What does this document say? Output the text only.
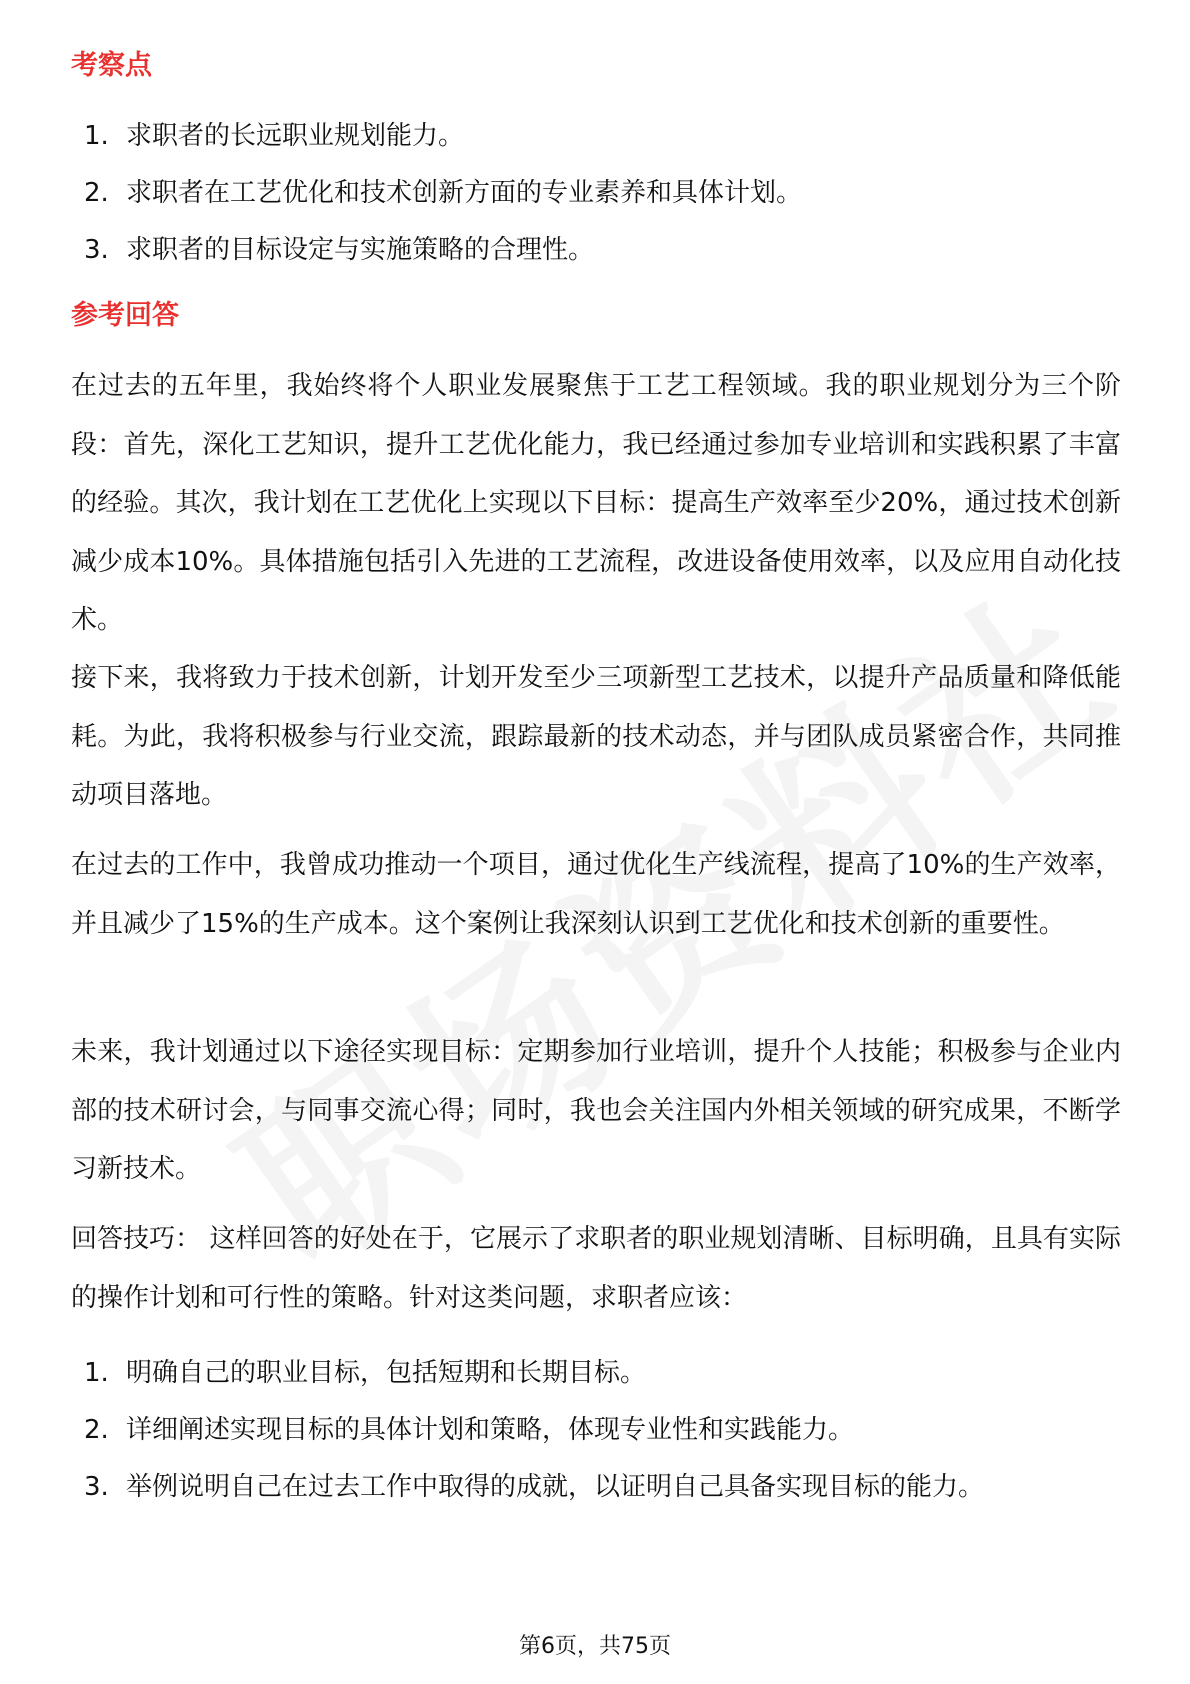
考察点
1. 求职者的长远职业规划能力。
2. 求职者在工艺优化和技术创新方面的专业素养和具体计划。
3. 求职者的目标设定与实施策略的合理性。
参考回答

在过去的五年里，我始终将个人职业发展聚焦于工艺工程领域。我的职业规划分为三个阶段：首先，深化工艺知识，提升工艺优化能力，我已经通过参加专业培训和实践积累了丰富的经验。其次，我计划在工艺优化上实现以下目标：提高生产效率至少20%，通过技术创新减少成本10%。具体措施包括引入先进的工艺流程，改进设备使用效率，以及应用自动化技术。

接下来，我将致力于技术创新，计划开发至少三项新型工艺技术，以提升产品质量和降低能耗。为此，我将积极参与行业交流，跟踪最新的技术动态，并与团队成员紧密合作，共同推动项目落地。

在过去的工作中，我曾成功推动一个项目，通过优化生产线流程，提高了10%的生产效率，并且减少了15%的生产成本。这个案例让我深刻认识到工艺优化和技术创新的重要性。

未来，我计划通过以下途径实现目标：定期参加行业培训，提升个人技能；积极参与企业内部的技术研讨会，与同事交流心得；同时，我也会关注国内外相关领域的研究成果，不断学习新技术。

回答技巧： 这样回答的好处在于，它展示了求职者的职业规划清晰、目标明确，且具有实际的操作计划和可行性的策略。针对这类问题，求职者应该：

1. 明确自己的职业目标，包括短期和长期目标。
2. 详细阐述实现目标的具体计划和策略，体现专业性和实践能力。
3. 举例说明自己在过去工作中取得的成就，以证明自己具备实现目标的能力。

第6页，共75页
